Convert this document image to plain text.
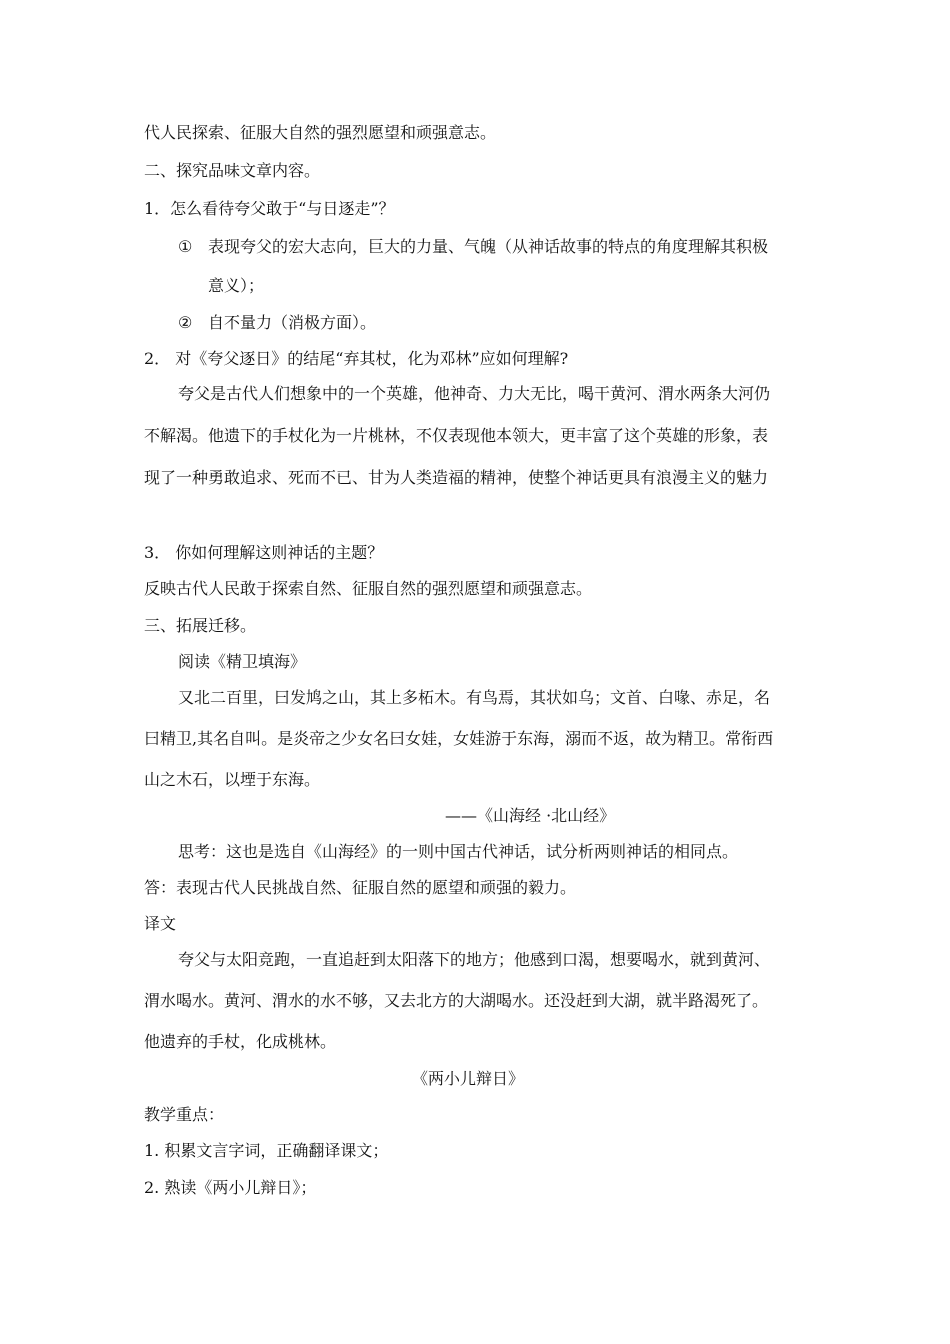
代人民探索、征服大自然的强烈愿望和顽强意志。
二、探究品味文章内容。
1．怎么看待夸父敢于“与日逐走”？
① 表现夸父的宏大志向，巨大的力量、气魄（从神话故事的特点的角度理解其积极
意义）；
② 自不量力（消极方面）。
2． 对《夸父逐日》的结尾“弃其杖，化为邓林”应如何理解?
夸父是古代人们想象中的一个英雄，他神奇、力大无比，喝干黄河、渭水两条大河仍
不解渴。他遗下的手杖化为一片桃林，不仅表现他本领大，更丰富了这个英雄的形象，表
现了一种勇敢追求、死而不已、甘为人类造福的精神，使整个神话更具有浪漫主义的魅力
3． 你如何理解这则神话的主题？
反映古代人民敢于探索自然、征服自然的强烈愿望和顽强意志。
三、拓展迁移。
阅读《精卫填海》
又北二百里，曰发鸠之山，其上多柘木。有鸟焉，其状如乌；文首、白喙、赤足，名
曰精卫,其名自叫。是炎帝之少女名曰女娃，女娃游于东海，溺而不返，故为精卫。常衔西
山之木石，以堙于东海。
——《山海经 ·北山经》
思考：这也是选自《山海经》的一则中国古代神话，试分析两则神话的相同点。
答：表现古代人民挑战自然、征服自然的愿望和顽强的毅力。
译文
夸父与太阳竞跑，一直追赶到太阳落下的地方；他感到口渴，想要喝水，就到黄河、
渭水喝水。黄河、渭水的水不够，又去北方的大湖喝水。还没赶到大湖，就半路渴死了。
他遗弃的手杖，化成桃林。
《两小儿辩日》
教学重点：
1. 积累文言字词，正确翻译课文；
2. 熟读《两小儿辩日》；
